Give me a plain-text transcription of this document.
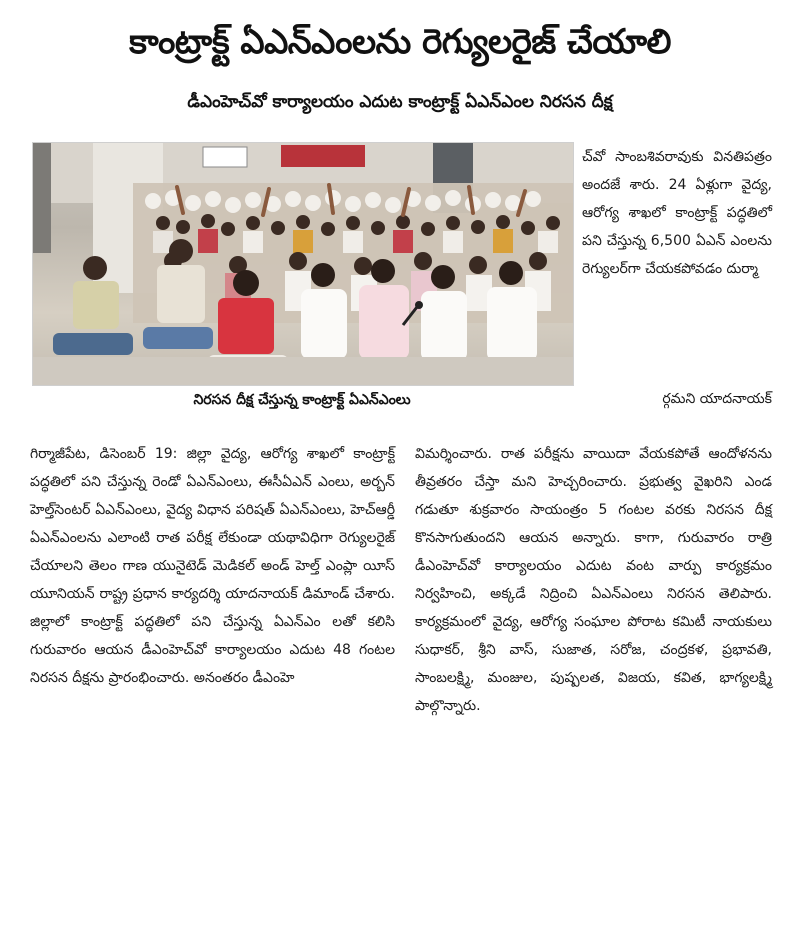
కాంట్రాక్ట్ ఏఎన్ఎంలను రెగ్యులరైజ్ చేయాలి
డీఎంహెచ్‌వో కార్యాలయం ఎదుట కాంట్రాక్ట్ ఏఎన్ఎంల నిరసన దీక్ష
నిరసన దీక్ష చేస్తున్న కాంట్రాక్ట్ ఏఎన్ఎంలు

చ్‌వో సాంబశివరావుకు వినతిపత్రం అందజే శారు. 24 ఏళ్లుగా వైద్య, ఆరోగ్య శాఖలో కాంట్రాక్ట్ పద్ధతిలో పని చేస్తున్న 6,500 ఏఎన్ ఎంలను రెగ్యులర్‌గా చేయకపోవడం దుర్మా

ర్గమని యాదనాయక్

గిర్మాజీపేట, డిసెంబర్ 19: జిల్లా వైద్య, ఆరోగ్య శాఖలో కాంట్రాక్ట్ పద్ధతిలో పని చేస్తున్న రెండో ఏఎన్ఎంలు, ఈసీఏఎన్ ఎంలు, అర్బన్ హెల్త్‌సెంటర్ ఏఎన్ఎంలు, వైద్య విధాన పరిషత్ ఏఎన్ఎంలు, హెచ్‌ఆర్డీ ఏఎన్ఎంలను ఎలాంటి రాత పరీక్ష లేకుండా యథావిధిగా రెగ్యులరైజ్ చేయాలని తెలం గాణ యునైటెడ్ మెడికల్ అండ్ హెల్త్ ఎంప్లా యీస్ యూనియన్ రాష్ట్ర ప్రధాన కార్యదర్శి యాదనాయక్ డిమాండ్ చేశారు. జిల్లాలో కాంట్రాక్ట్ పద్ధతిలో పని చేస్తున్న ఏఎన్ఎం లతో కలిసి గురువారం ఆయన డీఎంహెచ్‌వో కార్యాలయం ఎదుట 48 గంటల నిరసన దీక్షను ప్రారంభించారు. అనంతరం డీఎంహె

విమర్శించారు. రాత పరీక్షను వాయిదా వేయకపోతే ఆందోళనను తీవ్రతరం చేస్తా మని హెచ్చరించారు. ప్రభుత్వ వైఖరిని ఎండ గడుతూ శుక్రవారం సాయంత్రం 5 గంటల వరకు నిరసన దీక్ష కొనసాగుతుందని ఆయన అన్నారు. కాగా, గురువారం రాత్రి డీఎంహెచ్‌వో కార్యాలయం ఎదుట వంట వార్పు కార్యక్రమం నిర్వహించి, అక్కడే నిద్రించి ఏఎన్ఎంలు నిరసన తెలిపారు. కార్యక్రమంలో వైద్య, ఆరోగ్య సంఘాల పోరాట కమిటీ నాయకులు సుధాకర్, శ్రీని వాస్, సుజాత, సరోజ, చంద్రకళ, ప్రభావతి, సాంబలక్ష్మి, మంజుల, పుష్పలత, విజయ, కవిత, భాగ్యలక్ష్మి పాల్గొన్నారు.
